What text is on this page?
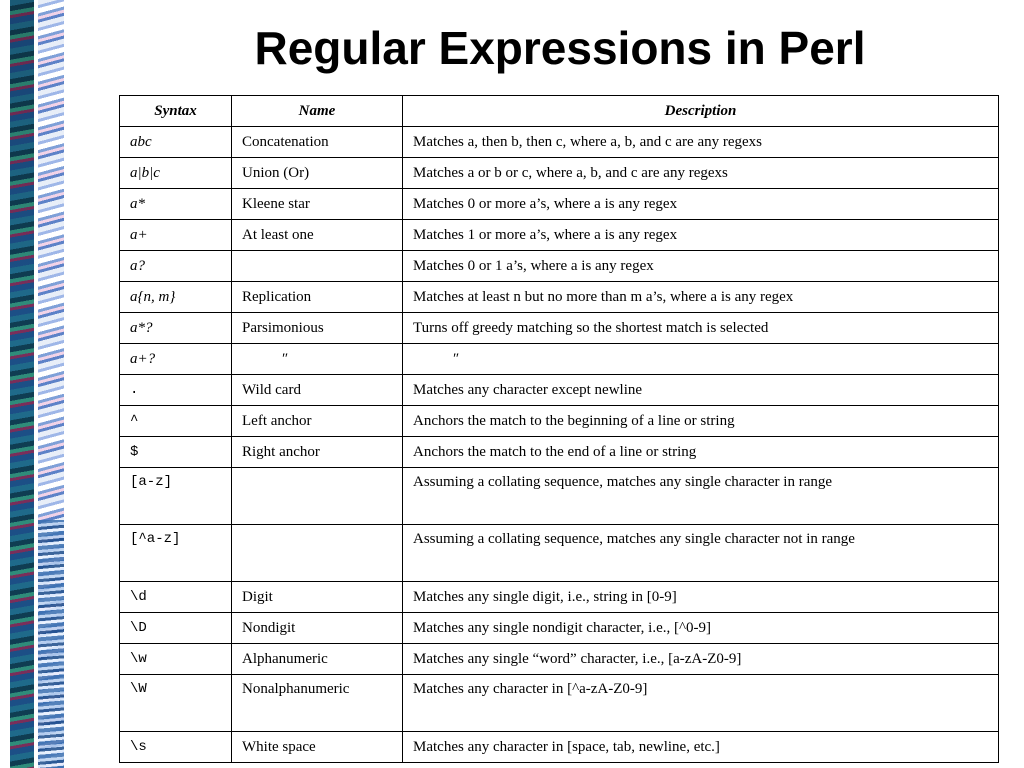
Regular Expressions in Perl
Syntax	Name	Description
abc	Concatenation	Matches a, then b, then c, where a, b, and c are any regexs
a|b|c	Union (Or)	Matches a or b or c, where a, b, and c are any regexs
a*	Kleene star	Matches 0 or more a’s, where a is any regex
a+	At least one	Matches 1 or more a’s, where a is any regex
a?		Matches 0 or 1 a’s, where a is any regex
a{n, m}	Replication	Matches at least n but no more than m a’s, where a is any regex
a*?	Parsimonious	Turns off greedy matching so the shortest match is selected
a+?	″	″
.	Wild card	Matches any character except newline
^	Left anchor	Anchors the match to the beginning of a line or string
$	Right anchor	Anchors the match to the end of a line or string
[a-z]		Assuming a collating sequence, matches any single character in range
[^a-z]		Assuming a collating sequence, matches any single character not in range
\d	Digit	Matches any single digit, i.e., string in [0-9]
\D	Nondigit	Matches any single nondigit character, i.e., [^0-9]
\w	Alphanumeric	Matches any single “word” character, i.e., [a-zA-Z0-9]
\W	Nonalphanumeric	Matches any character in [^a-zA-Z0-9]
\s	White space	Matches any character in [space, tab, newline, etc.]
